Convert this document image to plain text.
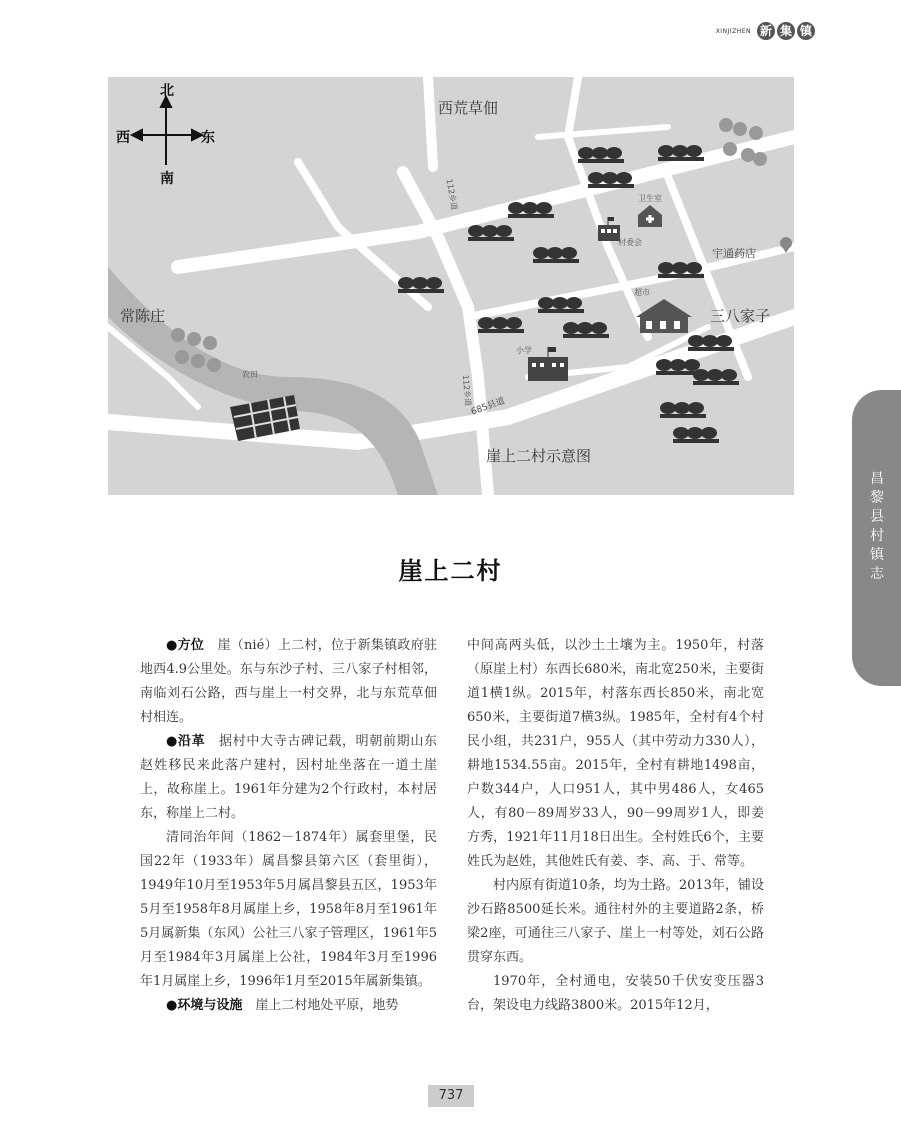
XINJIZHEN 新 集 镇
北
南
西	东
西荒草佃
常陈庄	三八家子
宇通药店
崖上二村示意图
685县道
112乡道
112乡道
卫生室
村委会
超市
小学
农田
崖上二村

●方位　崖（nié）上二村，位于新集镇政府驻地西4.9公里处。东与东沙子村、三八家子村相邻，南临刘石公路，西与崖上一村交界，北与东荒草佃村相连。

●沿革　据村中大寺古碑记载，明朝前期山东赵姓移民来此落户建村，因村址坐落在一道土崖上，故称崖上。1961年分建为2个行政村，本村居东，称崖上二村。

清同治年间（1862－1874年）属套里堡，民国22年（1933年）属昌黎县第六区（套里街），1949年10月至1953年5月属昌黎县五区，1953年5月至1958年8月属崖上乡，1958年8月至1961年5月属新集（东风）公社三八家子管理区，1961年5月至1984年3月属崖上公社，1984年3月至1996年1月属崖上乡，1996年1月至2015年属新集镇。

●环境与设施　崖上二村地处平原，地势

中间高两头低，以沙土土壤为主。1950年，村落（原崖上村）东西长680米，南北宽250米，主要街道1横1纵。2015年，村落东西长850米，南北宽650米，主要街道7横3纵。1985年，全村有4个村民小组，共231户，955人（其中劳动力330人），耕地1534.55亩。2015年，全村有耕地1498亩，户数344户，人口951人，其中男486人，女465人，有80－89周岁33人，90－99周岁1人，即姜方秀，1921年11月18日出生。全村姓氏6个，主要姓氏为赵姓，其他姓氏有姜、李、高、于、常等。

村内原有街道10条，均为土路。2013年，铺设沙石路8500延长米。通往村外的主要道路2条，桥梁2座，可通往三八家子、崖上一村等处，刘石公路贯穿东西。

1970年，全村通电，安装50千伏安变压器3台，架设电力线路3800米。2015年12月，

昌黎县村镇志
737
